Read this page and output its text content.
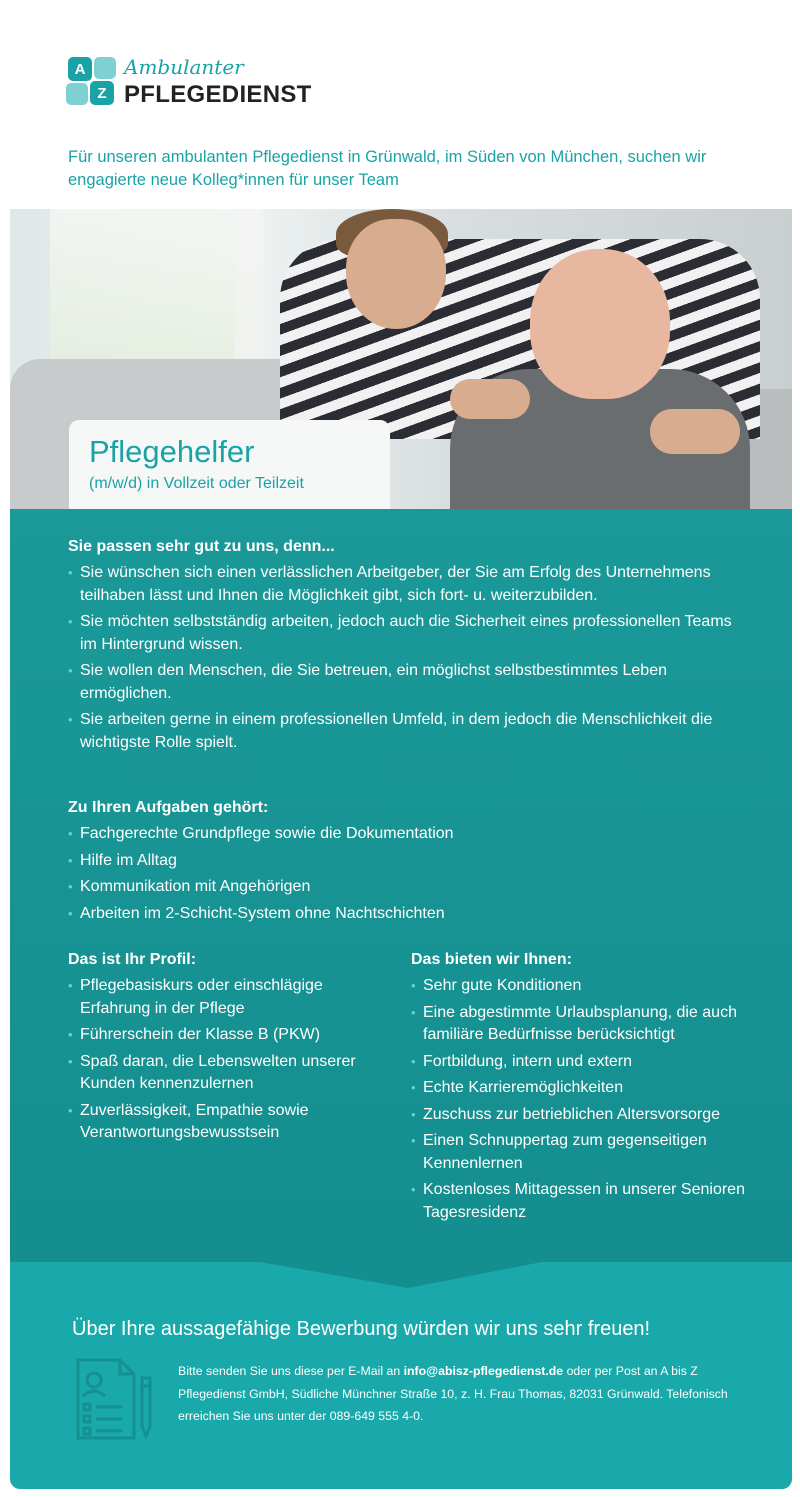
A
Z
Ambulanter
PFLEGEDIENST
Für unseren ambulanten Pflegedienst in Grünwald, im Süden von München, suchen wir engagierte neue Kolleg*innen für unser Team
Pflegehelfer
(m/w/d) in Vollzeit oder Teilzeit
Sie passen sehr gut zu uns, denn...
• Sie wünschen sich einen verlässlichen Arbeitgeber, der Sie am Erfolg des Unternehmens teilhaben lässt und Ihnen die Möglichkeit gibt, sich fort- u. weiterzubilden.
• Sie möchten selbstständig arbeiten, jedoch auch die Sicherheit eines professionellen Teams im Hintergrund wissen.
• Sie wollen den Menschen, die Sie betreuen, ein möglichst selbstbestimmtes Leben ermöglichen.
• Sie arbeiten gerne in einem professionellen Umfeld, in dem jedoch die Menschlichkeit die wichtigste Rolle spielt.
Zu Ihren Aufgaben gehört:
• Fachgerechte Grundpflege sowie die Dokumentation
• Hilfe im Alltag
• Kommunikation mit Angehörigen
• Arbeiten im 2-Schicht-System ohne Nachtschichten
Das ist Ihr Profil:
• Pflegebasiskurs oder einschlägige Erfahrung in der Pflege
• Führerschein der Klasse B (PKW)
• Spaß daran, die Lebenswelten unserer Kunden kennenzulernen
• Zuverlässigkeit, Empathie sowie Verantwortungsbewusstsein
Das bieten wir Ihnen:
• Sehr gute Konditionen
• Eine abgestimmte Urlaubsplanung, die auch familiäre Bedürfnisse berücksichtigt
• Fortbildung, intern und extern
• Echte Karrieremöglichkeiten
• Zuschuss zur betrieblichen Altersvorsorge
• Einen Schnuppertag zum gegenseitigen Kennenlernen
• Kostenloses Mittagessen in unserer Senioren Tagesresidenz
Über Ihre aussagefähige Bewerbung würden wir uns sehr freuen!
Bitte senden Sie uns diese per E-Mail an info@abisz-pflegedienst.de oder per Post an A bis Z Pflegedienst GmbH, Südliche Münchner Straße 10, z. H. Frau Thomas, 82031 Grünwald. Telefonisch erreichen Sie uns unter der 089-649 555 4-0.
